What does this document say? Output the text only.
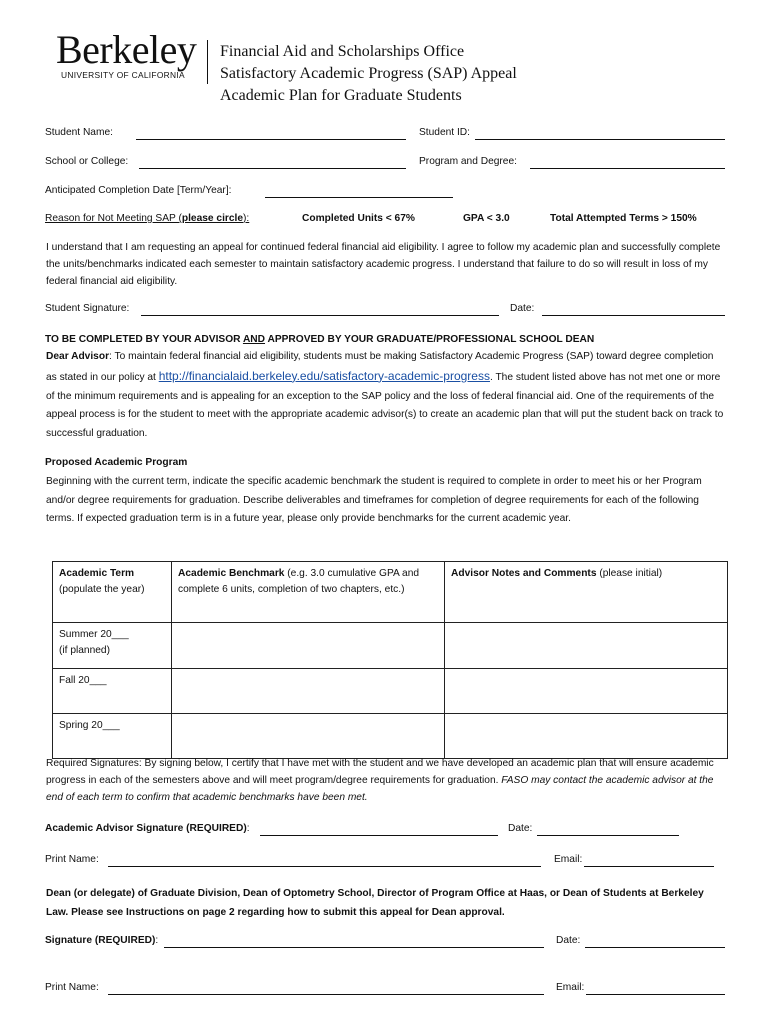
Berkeley
UNIVERSITY OF CALIFORNIA
Financial Aid and Scholarships Office
Satisfactory Academic Progress (SAP) Appeal
Academic Plan for Graduate Students
Student Name:	Student ID:
School or College:	Program and Degree:
Anticipated Completion Date [Term/Year]:
Reason for Not Meeting SAP (please circle):	Completed Units < 67%	GPA < 3.0	Total Attempted Terms > 150%
I understand that I am requesting an appeal for continued federal financial aid eligibility. I agree to follow my academic plan and successfully complete the units/benchmarks indicated each semester to maintain satisfactory academic progress. I understand that failure to do so will result in loss of my federal financial aid eligibility.
Student Signature:	Date:
TO BE COMPLETED BY YOUR ADVISOR AND APPROVED BY YOUR GRADUATE/PROFESSIONAL SCHOOL DEAN
Dear Advisor: To maintain federal financial aid eligibility, students must be making Satisfactory Academic Progress (SAP) toward degree completion as stated in our policy at http://financialaid.berkeley.edu/satisfactory-academic-progress. The student listed above has not met one or more of the minimum requirements and is appealing for an exception to the SAP policy and the loss of federal financial aid. One of the requirements of the appeal process is for the student to meet with the appropriate academic advisor(s) to create an academic plan that will put the student back on track to successful graduation.
Proposed Academic Program
Beginning with the current term, indicate the specific academic benchmark the student is required to complete in order to meet his or her Program and/or degree requirements for graduation. Describe deliverables and timeframes for completion of degree requirements for each of the following terms. If expected graduation term is in a future year, please only provide benchmarks for the current academic year.
Academic Term
(populate the year)	Academic Benchmark (e.g. 3.0 cumulative GPA and complete 6 units, completion of two chapters, etc.)	Advisor Notes and Comments (please initial)
Summer 20___
(if planned)		
Fall 20___		
Spring 20___		
Required Signatures: By signing below, I certify that I have met with the student and we have developed an academic plan that will ensure academic progress in each of the semesters above and will meet program/degree requirements for graduation. FASO may contact the academic advisor at the end of each term to confirm that academic benchmarks have been met.
Academic Advisor Signature (REQUIRED):	Date:
Print Name:	Email:
Dean (or delegate) of Graduate Division, Dean of Optometry School, Director of Program Office at Haas, or Dean of Students at Berkeley Law. Please see Instructions on page 2 regarding how to submit this appeal for Dean approval.
Signature (REQUIRED):	Date:
Print Name:	Email:
